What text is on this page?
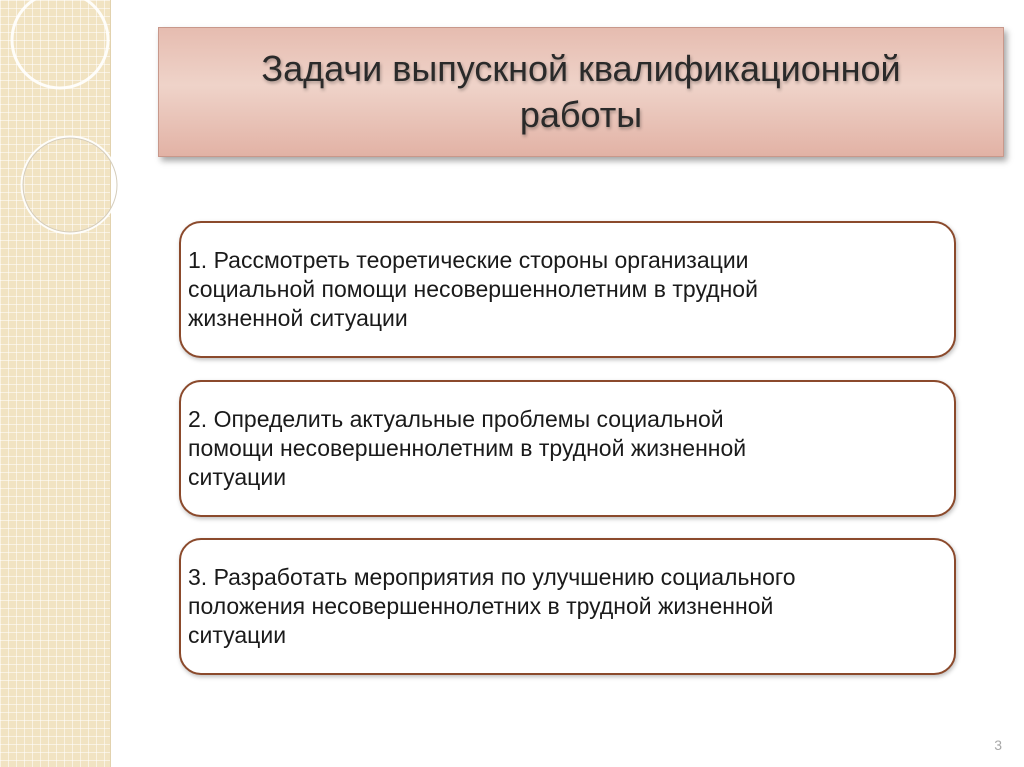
Задачи выпускной квалификационной работы
1. Рассмотреть теоретические стороны организации
социальной помощи несовершеннолетним в трудной
жизненной ситуации
2. Определить актуальные проблемы социальной
помощи несовершеннолетним в трудной жизненной
ситуации
3. Разработать мероприятия по улучшению социального
положения несовершеннолетних в трудной жизненной
ситуации
3
